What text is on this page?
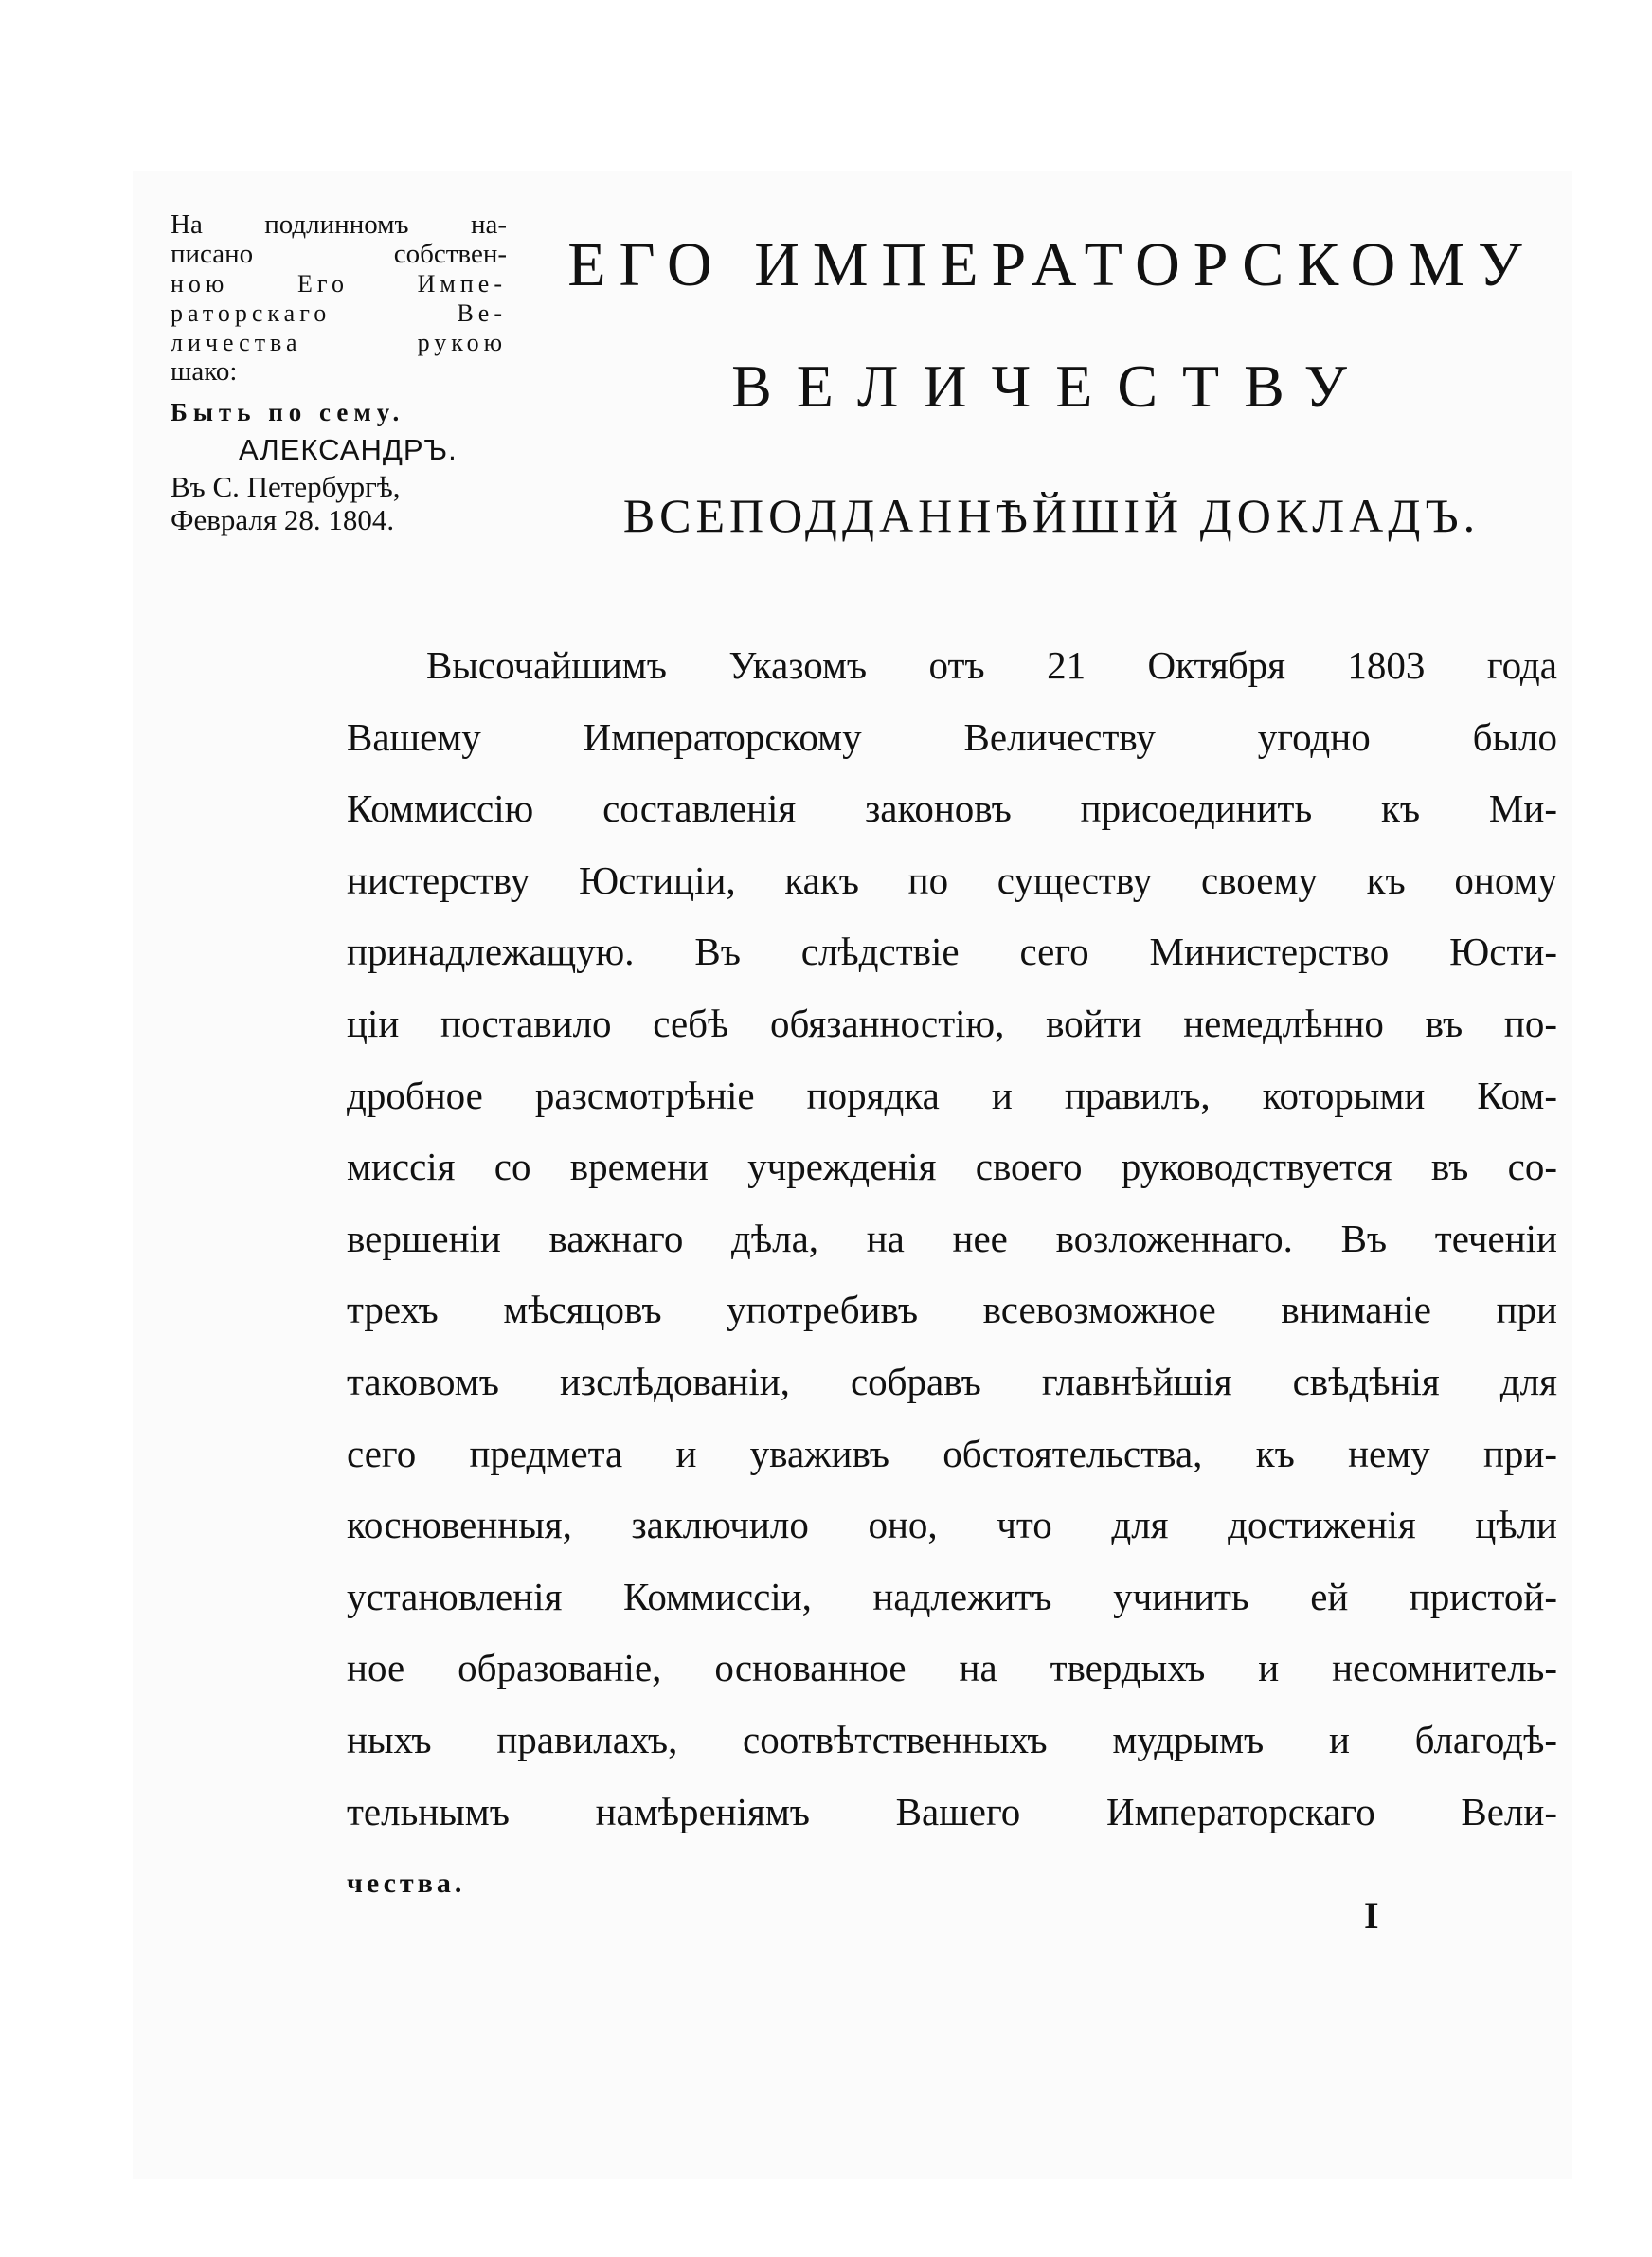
На подлинномъ на-
писано собствен-
ною Его Импе-
раторскаго Ве-
личества рукою
шако:
Быть по сему.
АЛЕКСАНДРЪ.
Въ С. Петербургѣ,
Февраля 28. 1804.
ЕГО ИМПЕРАТОРСКОМУ
ВЕЛИЧЕСТВУ
ВСЕПОДДАННѢЙШІЙ ДОКЛАДЪ.
Высочайшимъ Указомъ отъ 21 Октября 1803 года
Вашему Императорскому Величеству угодно было
Коммиссію составленія законовъ присоединить къ Ми-
нистерству Юстиціи, какъ по существу своему къ оному
принадлежащую. Въ слѣдствіе сего Министерство Юсти-
ціи поставило себѣ обязанностію, войти немедлѣнно въ по-
дробное разсмотрѣніе порядка и правилъ, которыми Ком-
миссія со времени учрежденія своего руководствуется въ со-
вершеніи важнаго дѣла, на нее возложеннаго. Въ теченіи
трехъ мѣсяцовъ употребивъ всевозможное вниманіе при
таковомъ изслѣдованіи, собравъ главнѣйшія свѣдѣнія для
сего предмета и уваживъ обстоятельства, къ нему при-
косновенныя, заключило оно, что для достиженія цѣли
установленія Коммиссіи, надлежитъ учинить ей пристой-
ное образованіе, основанное на твердыхъ и несомнитель-
ныхъ правилахъ, соотвѣтственныхъ мудрымъ и благодѣ-
тельнымъ намѣреніямъ Вашего Императорскаго Вели-
чества.
I
